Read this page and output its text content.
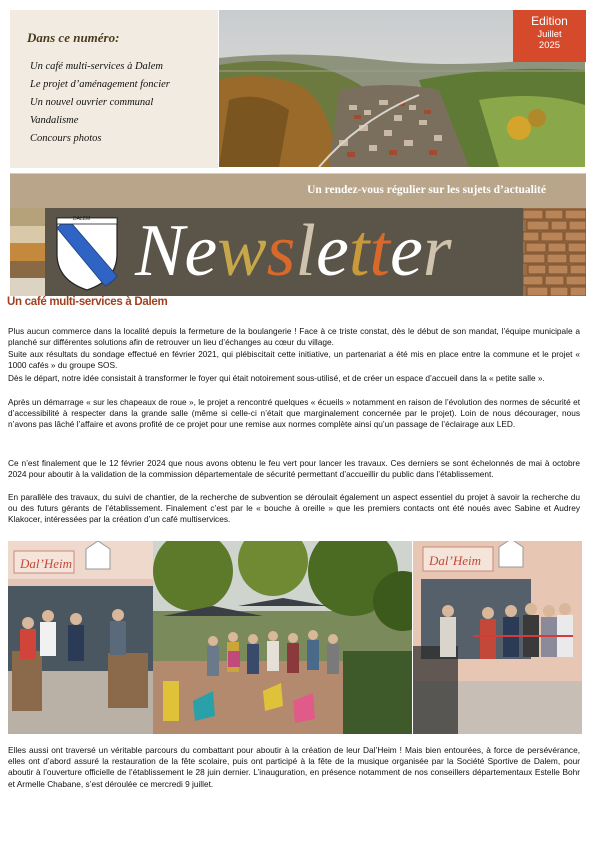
Dans ce numéro:
Un café multi-services à Dalem
Le projet d’aménagement foncier
Un nouvel ouvrier communal
Vandalisme
Concours photos
Edition
Juillet
2025
Un rendez-vous régulier sur les sujets d’actualité
DALEM Newsletter
Un café multi-services à Dalem
Plus aucun commerce dans la localité depuis la fermeture de la boulangerie ! Face à ce triste constat, dès le début de son mandat, l’équipe municipale a planché sur différentes solutions afin de retrouver un lieu d’échanges au cœur du village.
Suite aux résultats du sondage effectué en février 2021, qui plébiscitait cette initiative, un partenariat a été mis en place entre la commune et le projet « 1000 cafés » du groupe SOS.
Dès le départ, notre idée consistait à transformer le foyer qui était notoirement sous-utilisé, et de créer un espace d’accueil dans la « petite salle ».
Après un démarrage « sur les chapeaux de roue », le projet a rencontré quelques « écueils » notamment en raison de l’évolution des normes de sécurité et d’accessibilité à respecter dans la grande salle (même si celle-ci n’était que marginalement concernée par le projet). Loin de nous décourager, nous n’avons pas lâché l’affaire et avons profité de ce projet pour une remise aux normes complète ainsi qu’un passage de l’éclairage aux LED.
Ce n’est finalement que le 12 février 2024 que nous avons obtenu le feu vert pour lancer les travaux. Ces derniers se sont échelonnés de mai à octobre 2024 pour aboutir à la validation de la commission départementale de sécurité permettant d’accueillir du public dans l’établissement.
En parallèle des travaux, du suivi de chantier, de la recherche de subvention se déroulait également un aspect essentiel du projet à savoir la recherche du ou des futurs gérants de l’établissement. Finalement c’est par le « bouche à oreille » que les premiers contacts ont été noués avec Sabine et Audrey Klakocer, intéressées par la création d’un café multiservices.
Dal’Heim	Dal’Heim
Elles aussi ont traversé un véritable parcours du combattant pour aboutir à la création de leur Dal’Heim ! Mais bien entourées, à force de persévérance, elles ont d’abord assuré la restauration de la fête scolaire, puis ont participé à la fête de la musique organisée par la Société Sportive de Dalem, pour aboutir à l’ouverture officielle de l’établissement le 28 juin dernier. L’inauguration, en présence notamment de nos conseillers départementaux Estelle Bohr et Armelle Chabane, s’est déroulée ce mercredi 9 juillet.
